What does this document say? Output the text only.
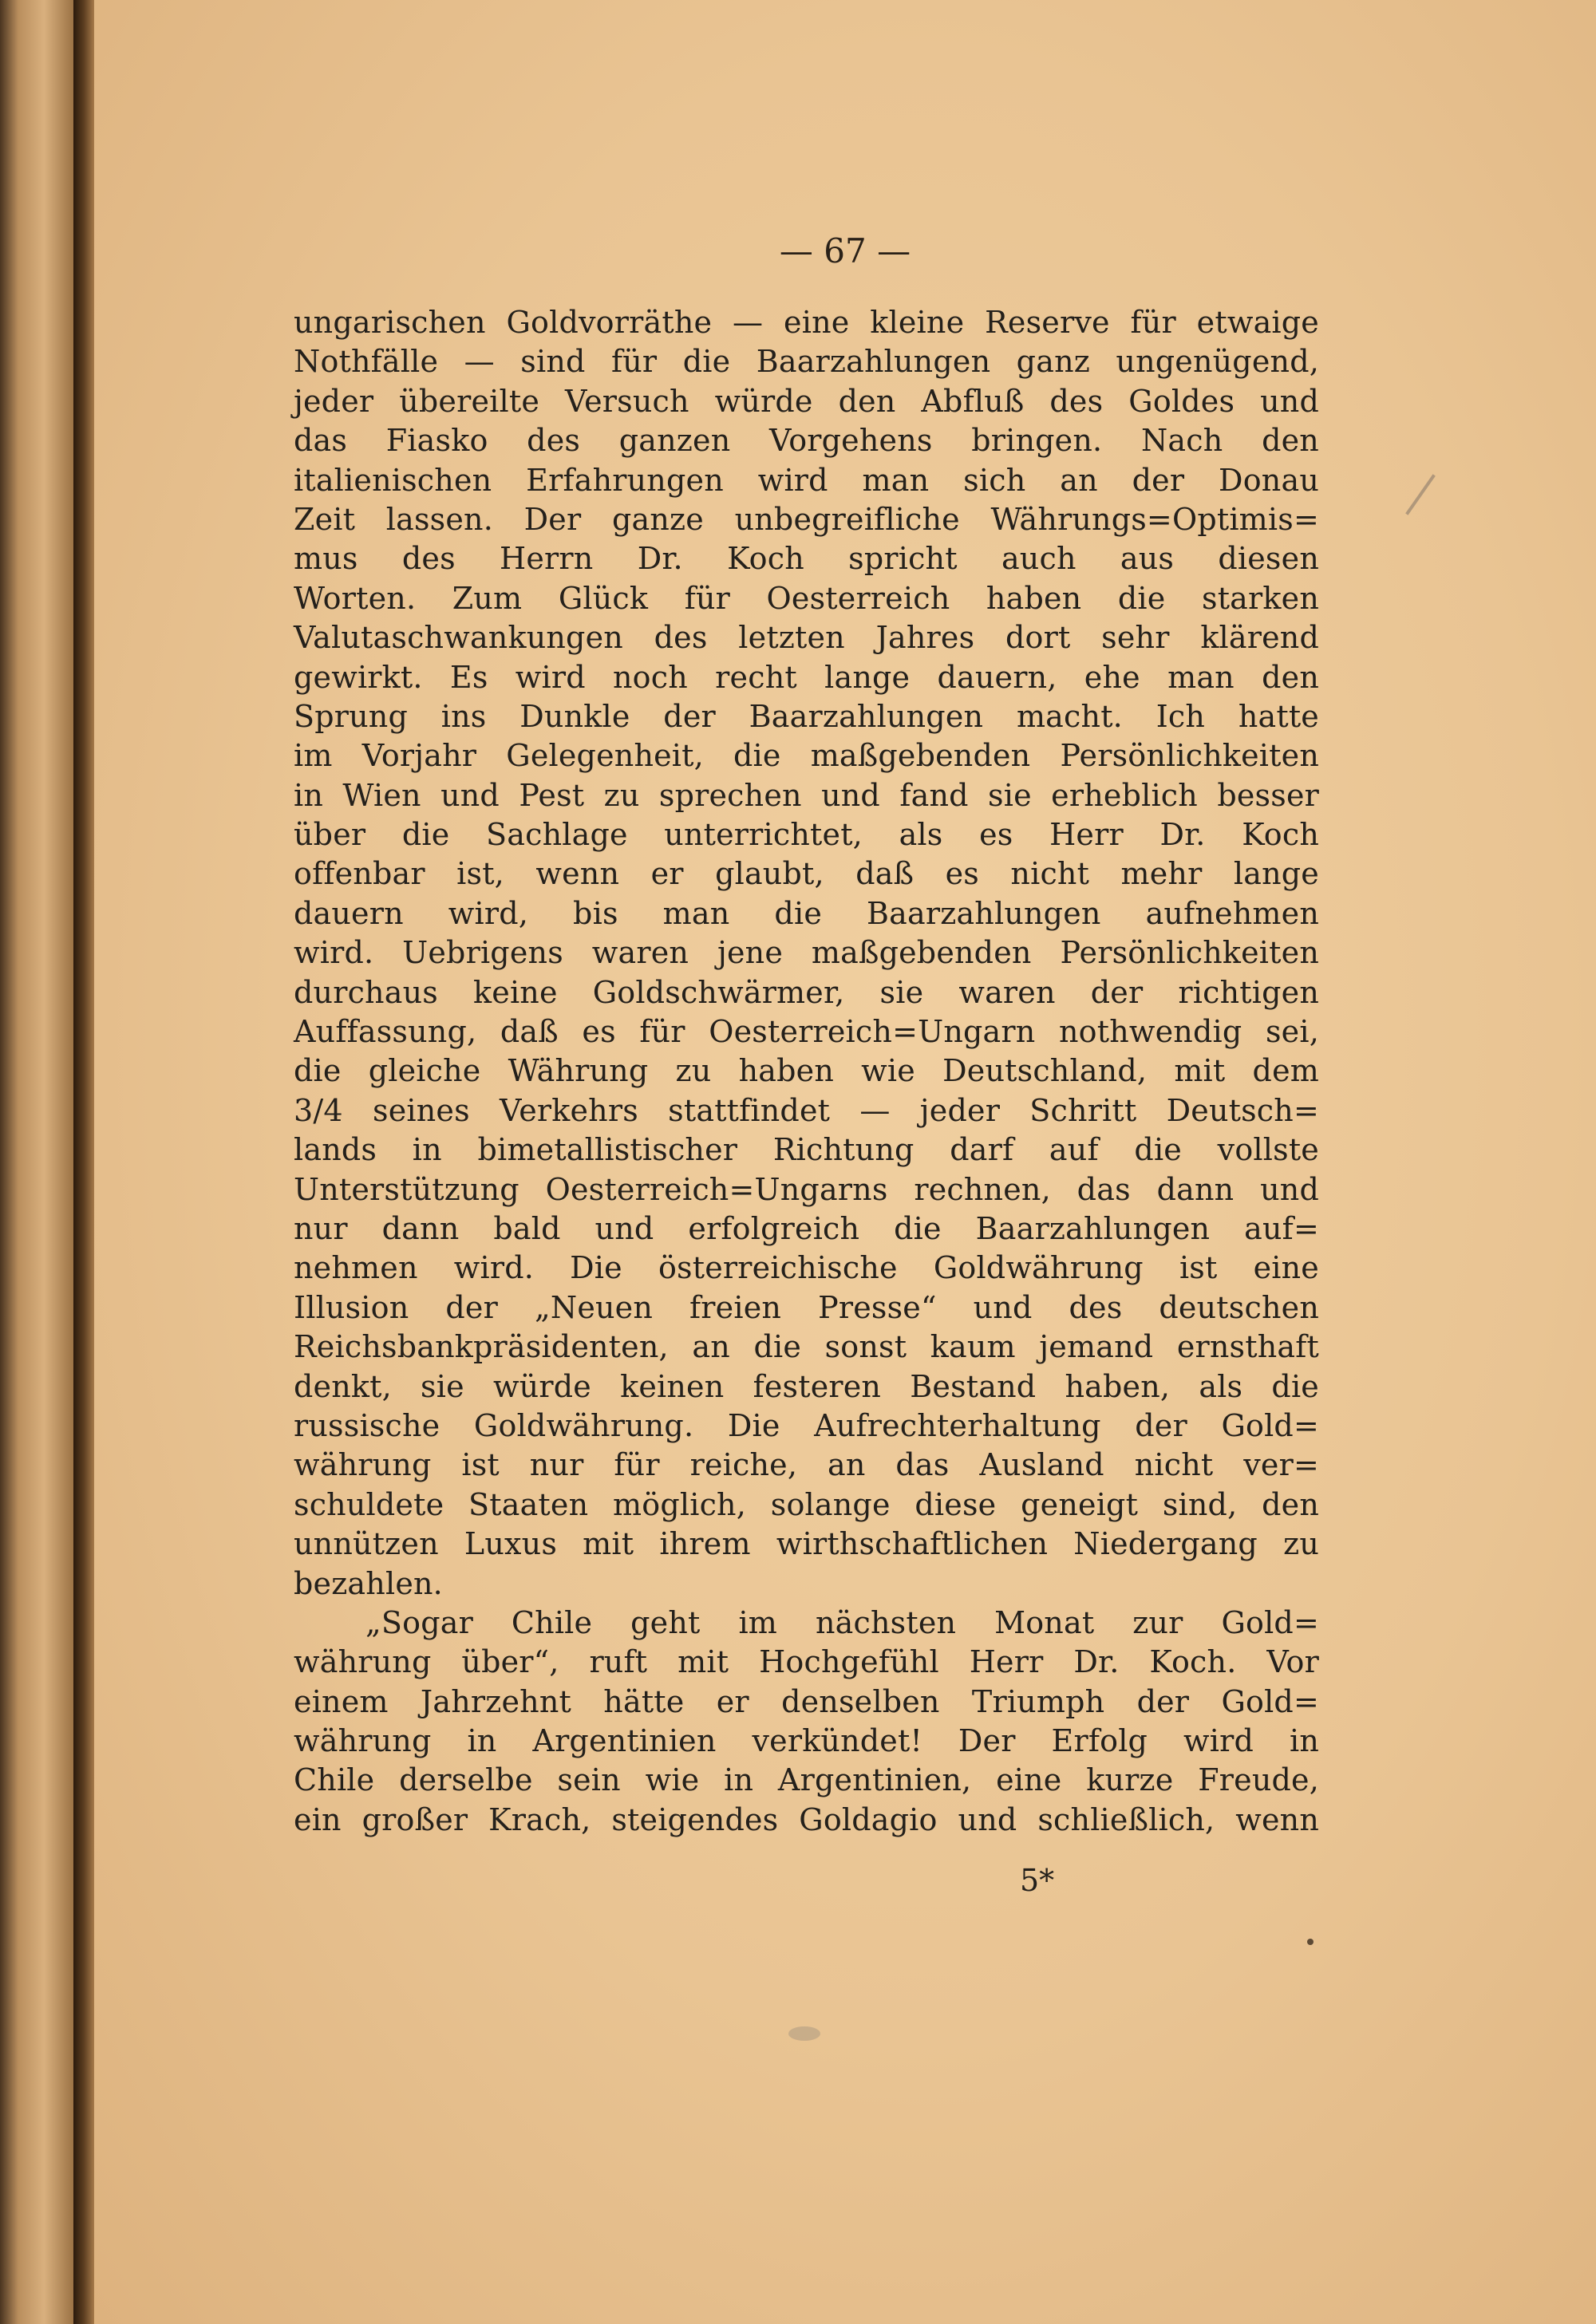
— 67 —
ungarischen Goldvorräthe — eine kleine Reserve für etwaige
Nothfälle — sind für die Baarzahlungen ganz ungenügend,
jeder übereilte Versuch würde den Abfluß des Goldes und
das Fiasko des ganzen Vorgehens bringen. Nach den
italienischen Erfahrungen wird man sich an der Donau
Zeit lassen. Der ganze unbegreifliche Währungs=Optimis=
mus des Herrn Dr. Koch spricht auch aus diesen
Worten. Zum Glück für Oesterreich haben die starken
Valutaschwankungen des letzten Jahres dort sehr klärend
gewirkt. Es wird noch recht lange dauern, ehe man den
Sprung ins Dunkle der Baarzahlungen macht. Ich hatte
im Vorjahr Gelegenheit, die maßgebenden Persönlichkeiten
in Wien und Pest zu sprechen und fand sie erheblich besser
über die Sachlage unterrichtet, als es Herr Dr. Koch
offenbar ist, wenn er glaubt, daß es nicht mehr lange
dauern wird, bis man die Baarzahlungen aufnehmen
wird. Uebrigens waren jene maßgebenden Persönlichkeiten
durchaus keine Goldschwärmer, sie waren der richtigen
Auffassung, daß es für Oesterreich=Ungarn nothwendig sei,
die gleiche Währung zu haben wie Deutschland, mit dem
3/4 seines Verkehrs stattfindet — jeder Schritt Deutsch=
lands in bimetallistischer Richtung darf auf die vollste
Unterstützung Oesterreich=Ungarns rechnen, das dann und
nur dann bald und erfolgreich die Baarzahlungen auf=
nehmen wird. Die österreichische Goldwährung ist eine
Illusion der „Neuen freien Presse“ und des deutschen
Reichsbankpräsidenten, an die sonst kaum jemand ernsthaft
denkt, sie würde keinen festeren Bestand haben, als die
russische Goldwährung. Die Aufrechterhaltung der Gold=
währung ist nur für reiche, an das Ausland nicht ver=
schuldete Staaten möglich, solange diese geneigt sind, den
unnützen Luxus mit ihrem wirthschaftlichen Niedergang zu
bezahlen.
„Sogar Chile geht im nächsten Monat zur Gold=
währung über“, ruft mit Hochgefühl Herr Dr. Koch. Vor
einem Jahrzehnt hätte er denselben Triumph der Gold=
währung in Argentinien verkündet! Der Erfolg wird in
Chile derselbe sein wie in Argentinien, eine kurze Freude,
ein großer Krach, steigendes Goldagio und schließlich, wenn
5*
